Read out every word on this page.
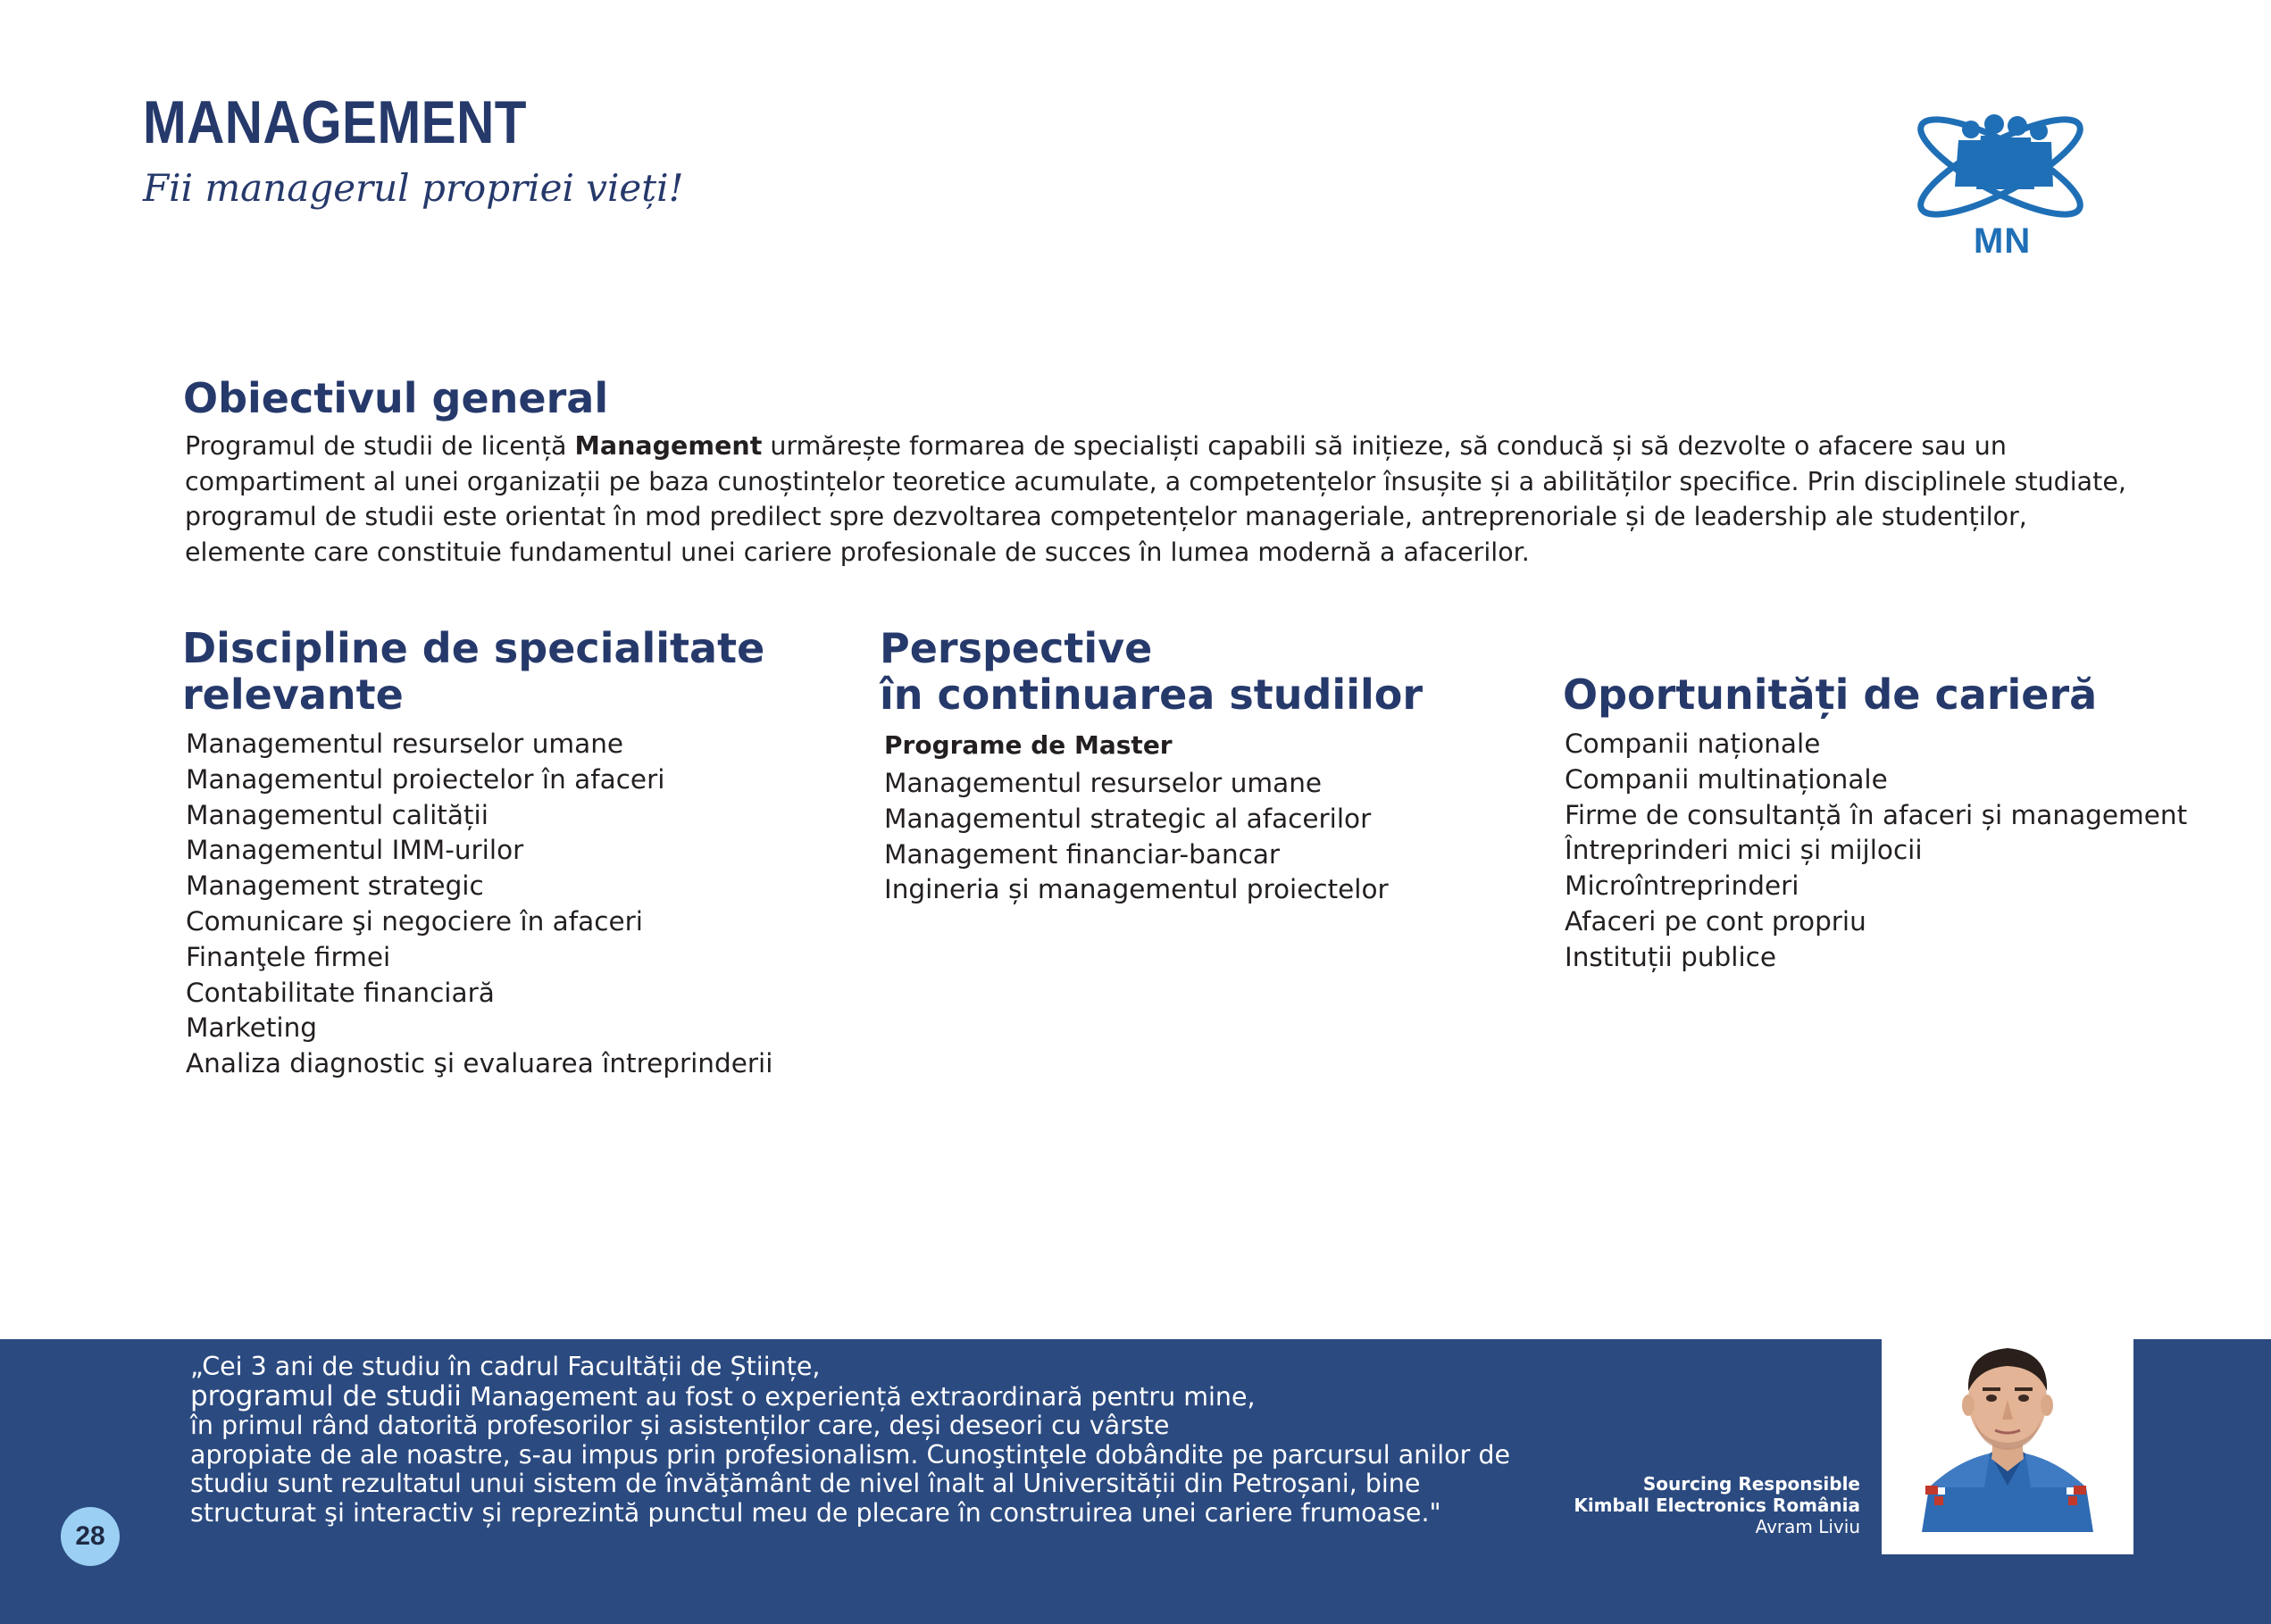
MANAGEMENT
Fii managerul propriei vieți!
MN
Obiectivul general
Programul de studii de licență Management urmărește formarea de specialiști capabili să inițieze, să conducă și să dezvolte o afacere sau un compartiment al unei organizații pe baza cunoștințelor teoretice acumulate, a competențelor însușite și a abilităților specifice. Prin disciplinele studiate, programul de studii este orientat în mod predilect spre dezvoltarea competențelor manageriale, antreprenoriale și de leadership ale studenților, elemente care constituie fundamentul unei cariere profesionale de succes în lumea modernă a afacerilor.
Discipline de specialitate
relevante
Managementul resurselor umane
Managementul proiectelor în afaceri
Managementul calității
Managementul IMM-urilor
Management strategic
Comunicare şi negociere în afaceri
Finanţele firmei
Contabilitate financiară
Marketing
Analiza diagnostic şi evaluarea întreprinderii
Perspective
în continuarea studiilor
Programe de Master
Managementul resurselor umane
Managementul strategic al afacerilor
Management financiar-bancar
Ingineria și managementul proiectelor
Oportunități de carieră
Companii naționale
Companii multinaționale
Firme de consultanță în afaceri și management
Întreprinderi mici și mijlocii
Microîntreprinderi
Afaceri pe cont propriu
Instituții publice

„Cei 3 ani de studiu în cadrul Facultății de Științe,

programul de studii Management au fost o experiență extraordinară pentru mine,

în primul rând datorită profesorilor și asistenților care, deși deseori cu vârste

apropiate de ale noastre, s-au impus prin profesionalism. Cunoştinţele dobândite pe parcursul anilor de

studiu sunt rezultatul unui sistem de învăţământ de nivel înalt al Universității din Petroșani, bine

structurat şi interactiv și reprezintă punctul meu de plecare în construirea unei cariere frumoase."

28
Sourcing Responsible
Kimball Electronics România
Avram Liviu
